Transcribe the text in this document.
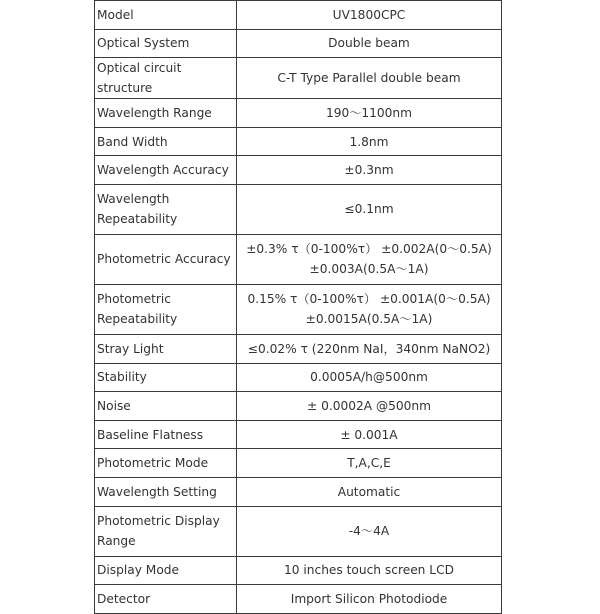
Model	UV1800CPC

Optical System	Double beam

Optical circuit structure	C-T Type Parallel double beam

Wavelength Range	190～1100nm

Band Width	1.8nm

Wavelength Accuracy	±0.3nm

Wavelength
Repeatability	≤0.1nm

Photometric Accuracy	±0.3% τ（0-100%τ） ±0.002A(0～0.5A)
±0.003A(0.5A～1A)

Photometric
Repeatability	0.15% τ（0-100%τ） ±0.001A(0～0.5A)
±0.0015A(0.5A～1A)

Stray Light	≤0.02% τ (220nm NaI，340nm NaNO2)

Stability	0.0005A/h@500nm

Noise	± 0.0002A @500nm

Baseline Flatness	± 0.001A

Photometric Mode	T,A,C,E

Wavelength Setting	Automatic

Photometric Display
Range	-4～4A

Display Mode	10 inches touch screen LCD

Detector	Import Silicon Photodiode
